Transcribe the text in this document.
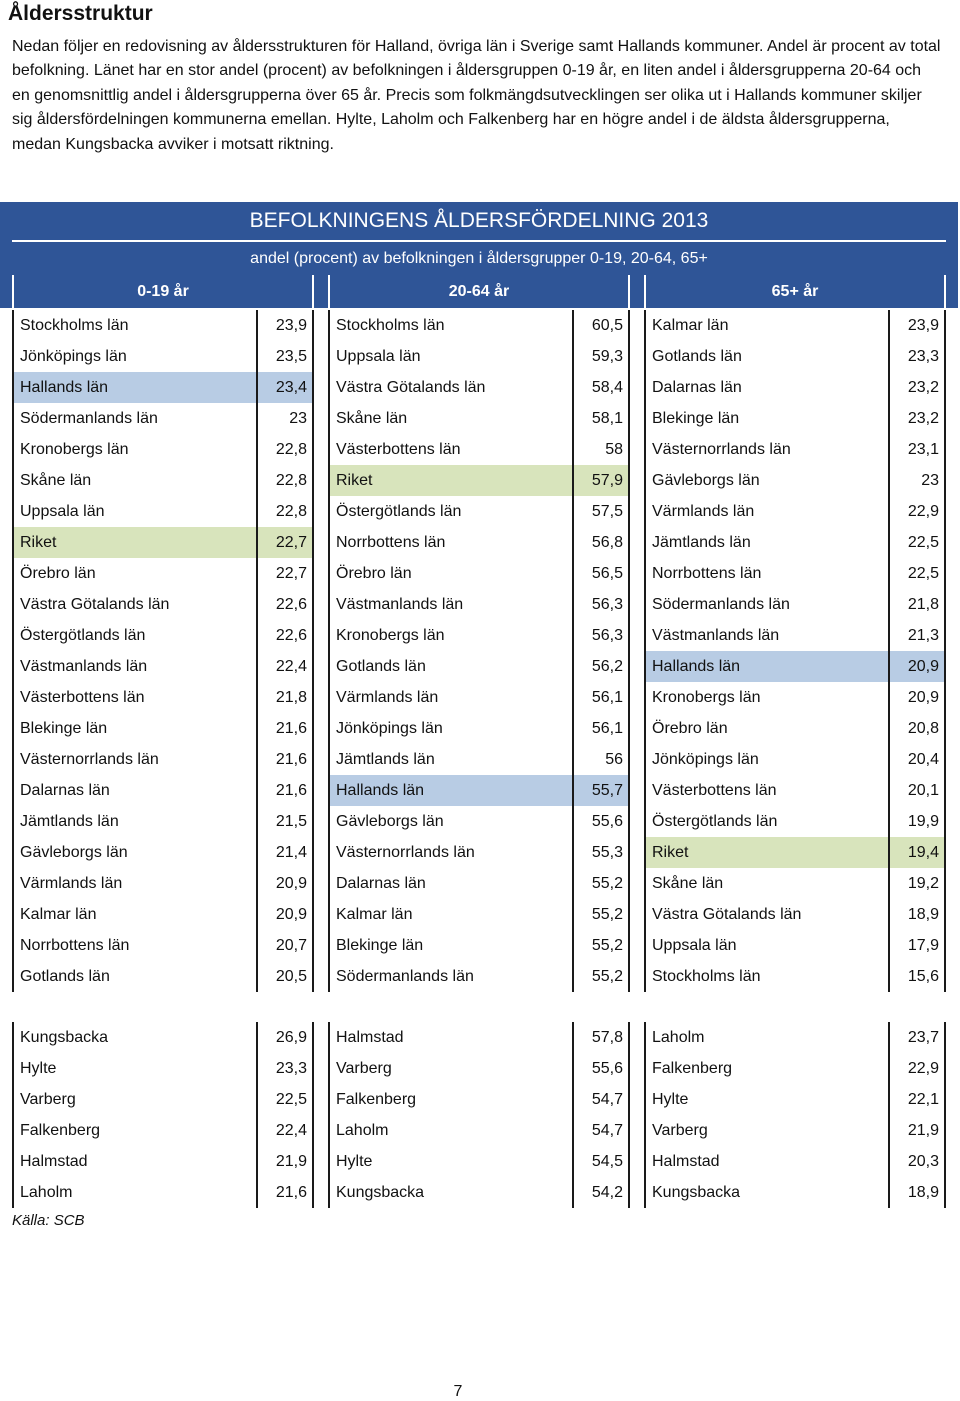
Åldersstruktur

Nedan följer en redovisning av åldersstrukturen för Halland, övriga län i Sverige samt Hallands kommuner. Andel är procent av total befolkning. Länet har en stor andel (procent) av befolkningen i åldersgruppen 0-19 år, en liten andel i åldersgrupperna 20-64 och en genomsnittlig andel i åldersgrupperna över 65 år. Precis som folkmängdsutvecklingen ser olika ut i Hallands kommuner skiljer sig åldersfördelningen kommunerna emellan. Hylte, Laholm och Falkenberg har en högre andel i de äldsta åldersgrupperna, medan Kungsbacka avviker i motsatt riktning.

BEFOLKNINGENS ÅLDERSFÖRDELNING 2013
andel (procent) av befolkningen i åldersgrupper 0-19, 20-64, 65+
0-19 år	20-64 år	65+ år
Stockholms län	23,9
Jönköpings län	23,5
Hallands län	23,4
Södermanlands län	23
Kronobergs län	22,8
Skåne län	22,8
Uppsala län	22,8
Riket	22,7
Örebro län	22,7
Västra Götalands län	22,6
Östergötlands län	22,6
Västmanlands län	22,4
Västerbottens län	21,8
Blekinge län	21,6
Västernorrlands län	21,6
Dalarnas län	21,6
Jämtlands län	21,5
Gävleborgs län	21,4
Värmlands län	20,9
Kalmar län	20,9
Norrbottens län	20,7
Gotlands län	20,5
Stockholms län	60,5
Uppsala län	59,3
Västra Götalands län	58,4
Skåne län	58,1
Västerbottens län	58
Riket	57,9
Östergötlands län	57,5
Norrbottens län	56,8
Örebro län	56,5
Västmanlands län	56,3
Kronobergs län	56,3
Gotlands län	56,2
Värmlands län	56,1
Jönköpings län	56,1
Jämtlands län	56
Hallands län	55,7
Gävleborgs län	55,6
Västernorrlands län	55,3
Dalarnas län	55,2
Kalmar län	55,2
Blekinge län	55,2
Södermanlands län	55,2
Kalmar län	23,9
Gotlands län	23,3
Dalarnas län	23,2
Blekinge län	23,2
Västernorrlands län	23,1
Gävleborgs län	23
Värmlands län	22,9
Jämtlands län	22,5
Norrbottens län	22,5
Södermanlands län	21,8
Västmanlands län	21,3
Hallands län	20,9
Kronobergs län	20,9
Örebro län	20,8
Jönköpings län	20,4
Västerbottens län	20,1
Östergötlands län	19,9
Riket	19,4
Skåne län	19,2
Västra Götalands län	18,9
Uppsala län	17,9
Stockholms län	15,6
Kungsbacka	26,9
Hylte	23,3
Varberg	22,5
Falkenberg	22,4
Halmstad	21,9
Laholm	21,6
Halmstad	57,8
Varberg	55,6
Falkenberg	54,7
Laholm	54,7
Hylte	54,5
Kungsbacka	54,2
Laholm	23,7
Falkenberg	22,9
Hylte	22,1
Varberg	21,9
Halmstad	20,3
Kungsbacka	18,9
Källa: SCB
7
